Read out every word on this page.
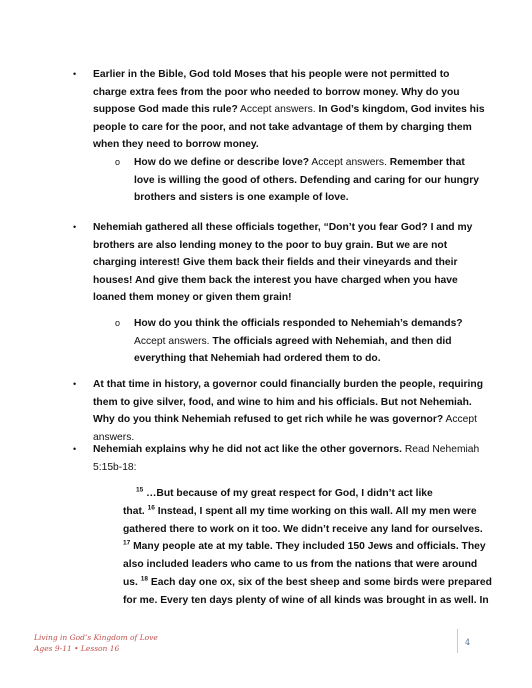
• Earlier in the Bible, God told Moses that his people were not permitted to charge extra fees from the poor who needed to borrow money. Why do you suppose God made this rule? Accept answers. In God’s kingdom, God invites his people to care for the poor, and not take advantage of them by charging them when they need to borrow money.
o How do we define or describe love? Accept answers. Remember that love is willing the good of others. Defending and caring for our hungry brothers and sisters is one example of love.
• Nehemiah gathered all these officials together, “Don’t you fear God? I and my brothers are also lending money to the poor to buy grain. But we are not charging interest! Give them back their fields and their vineyards and their houses! And give them back the interest you have charged when you have loaned them money or given them grain!
o How do you think the officials responded to Nehemiah’s demands? Accept answers. The officials agreed with Nehemiah, and then did everything that Nehemiah had ordered them to do.
• At that time in history, a governor could financially burden the people, requiring them to give silver, food, and wine to him and his officials. But not Nehemiah. Why do you think Nehemiah refused to get rich while he was governor? Accept answers.
• Nehemiah explains why he did not act like the other governors. Read Nehemiah 5:15b-18:
$^{15}$ …But because of my great respect for God, I didn’t act like
that. $^{16}$ Instead, I spent all my time working on this wall. All my men were
gathered there to work on it too. We didn’t receive any land for ourselves.
$^{17}$ Many people ate at my table. They included 150 Jews and officials. They
also included leaders who came to us from the nations that were around
us. $^{18}$ Each day one ox, six of the best sheep and some birds were prepared
for me. Every ten days plenty of wine of all kinds was brought in as well. In
Living in God’s Kingdom of Love
Ages 9-11 • Lesson 16
4
